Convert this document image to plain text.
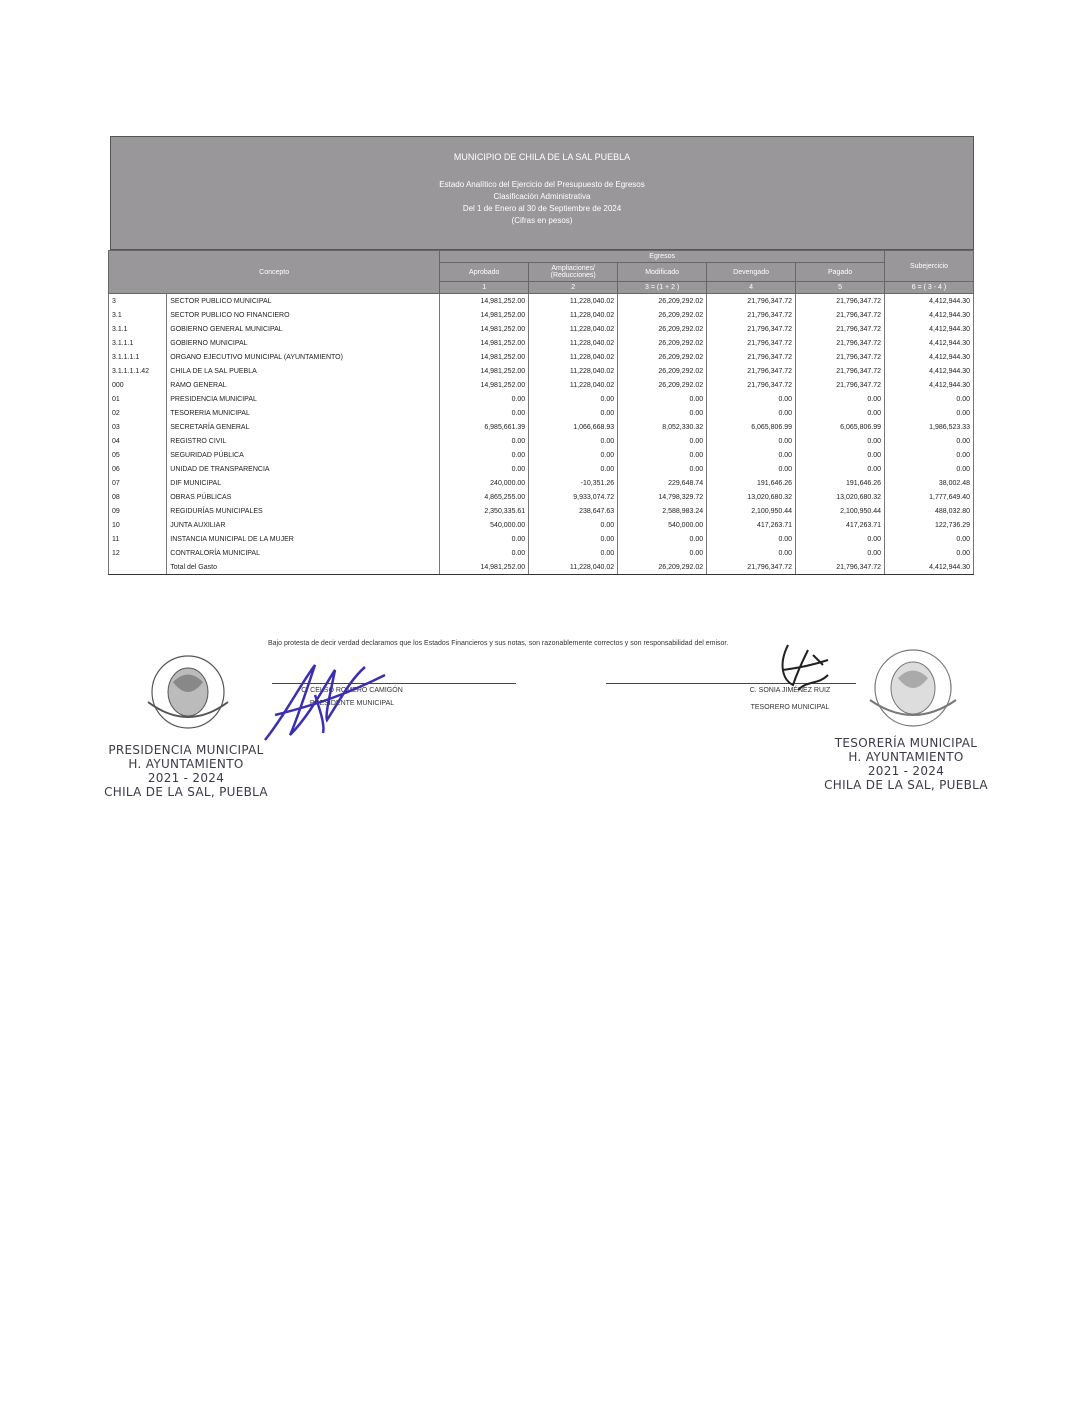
MUNICIPIO DE CHILA DE LA SAL PUEBLA
Estado Analítico del Ejercicio del Presupuesto de Egresos
Clasificación Administrativa
Del 1 de Enero al 30 de Septiembre de 2024
(Cifras en pesos)
Concepto		Egresos					Subejercicio
		Aprobado	Ampliaciones/ (Reducciones)	Modificado	Devengado	Pagado	
		1	2	3 = (1 + 2 )	4	5	6 = ( 3 - 4 )
3	SECTOR PUBLICO MUNICIPAL	14,981,252.00	11,228,040.02	26,209,292.02	21,796,347.72	21,796,347.72	4,412,944.30
3.1	SECTOR PUBLICO NO FINANCIERO	14,981,252.00	11,228,040.02	26,209,292.02	21,796,347.72	21,796,347.72	4,412,944.30
3.1.1	GOBIERNO GENERAL MUNICIPAL	14,981,252.00	11,228,040.02	26,209,292.02	21,796,347.72	21,796,347.72	4,412,944.30
3.1.1.1	GOBIERNO MUNICIPAL	14,981,252.00	11,228,040.02	26,209,292.02	21,796,347.72	21,796,347.72	4,412,944.30
3.1.1.1.1	ORGANO EJECUTIVO MUNICIPAL (AYUNTAMIENTO)	14,981,252.00	11,228,040.02	26,209,292.02	21,796,347.72	21,796,347.72	4,412,944.30
3.1.1.1.1.42	CHILA DE LA SAL PUEBLA	14,981,252.00	11,228,040.02	26,209,292.02	21,796,347.72	21,796,347.72	4,412,944.30
000	RAMO GENERAL	14,981,252.00	11,228,040.02	26,209,292.02	21,796,347.72	21,796,347.72	4,412,944.30
01	PRESIDENCIA MUNICIPAL	0.00	0.00	0.00	0.00	0.00	0.00
02	TESORERIA MUNICIPAL	0.00	0.00	0.00	0.00	0.00	0.00
03	SECRETARÍA GENERAL	6,985,661.39	1,066,668.93	8,052,330.32	6,065,806.99	6,065,806.99	1,986,523.33
04	REGISTRO CIVIL	0.00	0.00	0.00	0.00	0.00	0.00
05	SEGURIDAD PÚBLICA	0.00	0.00	0.00	0.00	0.00	0.00
06	UNIDAD DE TRANSPARENCIA	0.00	0.00	0.00	0.00	0.00	0.00
07	DIF MUNICIPAL	240,000.00	-10,351.26	229,648.74	191,646.26	191,646.26	38,002.48
08	OBRAS PÚBLICAS	4,865,255.00	9,933,074.72	14,798,329.72	13,020,680.32	13,020,680.32	1,777,649.40
09	REGIDURÍAS MUNICIPALES	2,350,335.61	238,647.63	2,588,983.24	2,100,950.44	2,100,950.44	488,032.80
10	JUNTA AUXILIAR	540,000.00	0.00	540,000.00	417,263.71	417,263.71	122,736.29
11	INSTANCIA MUNICIPAL DE LA MUJER	0.00	0.00	0.00	0.00	0.00	0.00
12	CONTRALORÍA MUNICIPAL	0.00	0.00	0.00	0.00	0.00	0.00
	Total del Gasto	14,981,252.00	11,228,040.02	26,209,292.02	21,796,347.72	21,796,347.72	4,412,944.30
Bajo protesta de decir verdad declaramos que los Estados Financieros y sus notas, son razonablemente correctos y son responsabilidad del emisor.
C. CELSO ROMERO CAMIGÓN
PRESIDENTE MUNICIPAL
C. SONIA JIMÉNEZ RUIZ
TESORERO MUNICIPAL
PRESIDENCIA MUNICIPAL
H. AYUNTAMIENTO
2021 - 2024
CHILA DE LA SAL, PUEBLA
TESORERÍA MUNICIPAL
H. AYUNTAMIENTO
2021 - 2024
CHILA DE LA SAL, PUEBLA
